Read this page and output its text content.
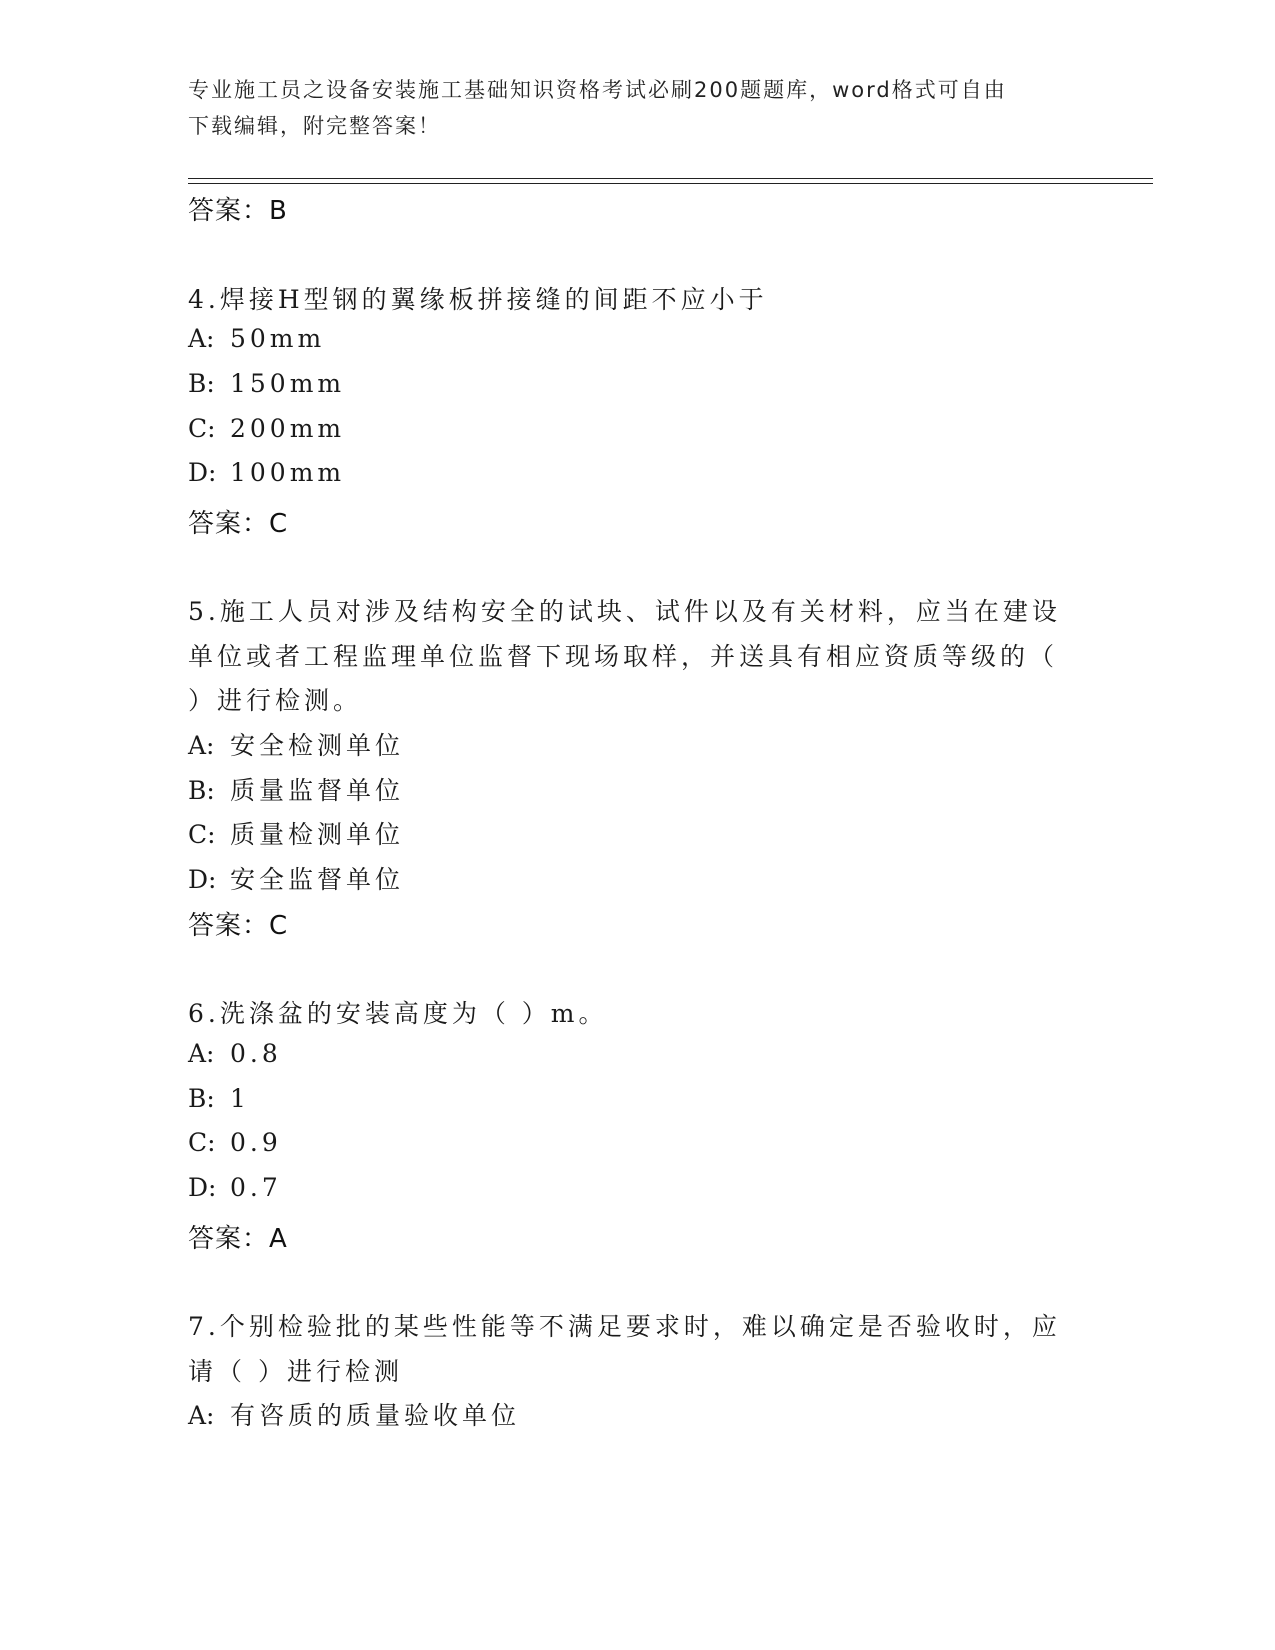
专业施工员之设备安装施工基础知识资格考试必刷200题题库，word格式可自由
下载编辑，附完整答案！
答案：B
4.焊接H型钢的翼缘板拼接缝的间距不应小于
A: 50mm
B: 150mm
C: 200mm
D: 100mm
答案：C
5.施工人员对涉及结构安全的试块、试件以及有关材料，应当在建设
单位或者工程监理单位监督下现场取样，并送具有相应资质等级的（
）进行检测。
A: 安全检测单位
B: 质量监督单位
C: 质量检测单位
D: 安全监督单位
答案：C
6.洗涤盆的安装高度为（ ）m。
A: 0.8
B: 1
C: 0.9
D: 0.7
答案：A
7.个别检验批的某些性能等不满足要求时，难以确定是否验收时，应
请（ ）进行检测
A: 有咨质的质量验收单位
